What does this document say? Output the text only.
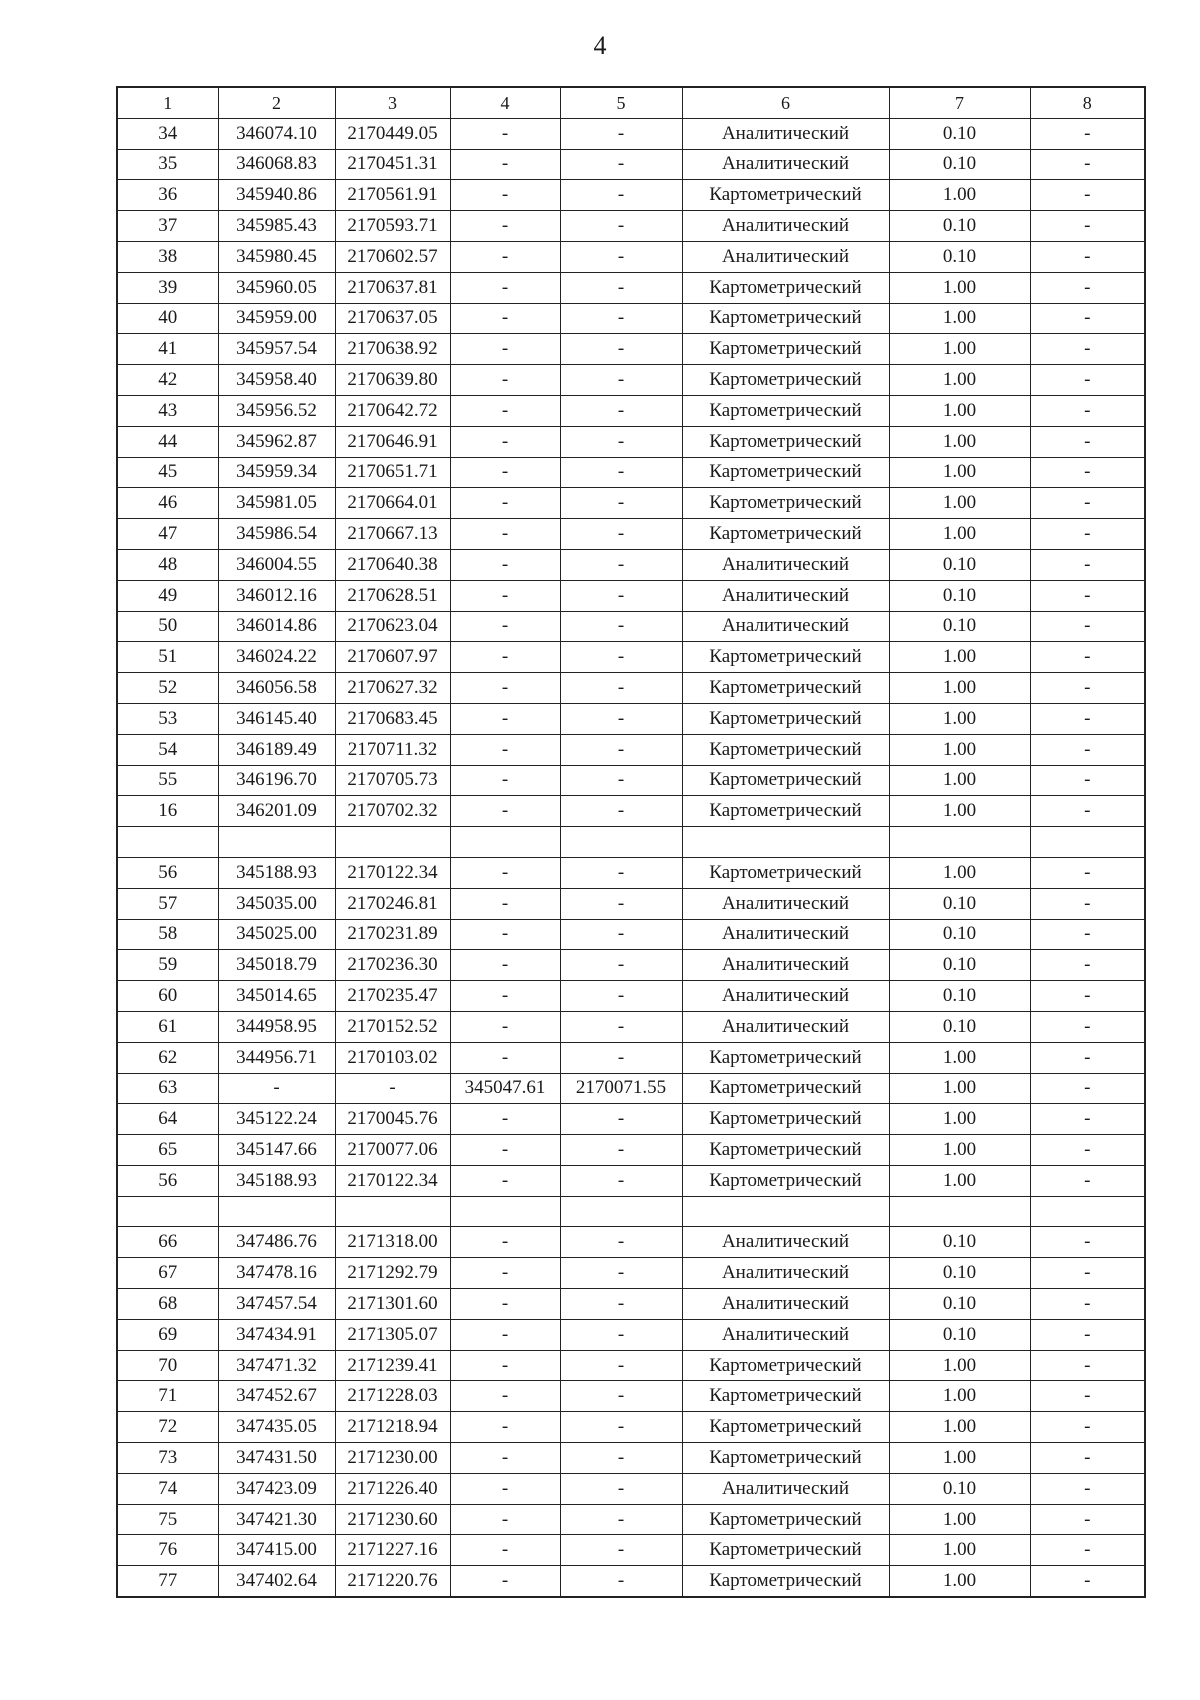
4
1	2	3	4	5	6	7	8
34	346074.10	2170449.05	-	-	Аналитический	0.10	-
35	346068.83	2170451.31	-	-	Аналитический	0.10	-
36	345940.86	2170561.91	-	-	Картометрический	1.00	-
37	345985.43	2170593.71	-	-	Аналитический	0.10	-
38	345980.45	2170602.57	-	-	Аналитический	0.10	-
39	345960.05	2170637.81	-	-	Картометрический	1.00	-
40	345959.00	2170637.05	-	-	Картометрический	1.00	-
41	345957.54	2170638.92	-	-	Картометрический	1.00	-
42	345958.40	2170639.80	-	-	Картометрический	1.00	-
43	345956.52	2170642.72	-	-	Картометрический	1.00	-
44	345962.87	2170646.91	-	-	Картометрический	1.00	-
45	345959.34	2170651.71	-	-	Картометрический	1.00	-
46	345981.05	2170664.01	-	-	Картометрический	1.00	-
47	345986.54	2170667.13	-	-	Картометрический	1.00	-
48	346004.55	2170640.38	-	-	Аналитический	0.10	-
49	346012.16	2170628.51	-	-	Аналитический	0.10	-
50	346014.86	2170623.04	-	-	Аналитический	0.10	-
51	346024.22	2170607.97	-	-	Картометрический	1.00	-
52	346056.58	2170627.32	-	-	Картометрический	1.00	-
53	346145.40	2170683.45	-	-	Картометрический	1.00	-
54	346189.49	2170711.32	-	-	Картометрический	1.00	-
55	346196.70	2170705.73	-	-	Картометрический	1.00	-
16	346201.09	2170702.32	-	-	Картометрический	1.00	-

56	345188.93	2170122.34	-	-	Картометрический	1.00	-
57	345035.00	2170246.81	-	-	Аналитический	0.10	-
58	345025.00	2170231.89	-	-	Аналитический	0.10	-
59	345018.79	2170236.30	-	-	Аналитический	0.10	-
60	345014.65	2170235.47	-	-	Аналитический	0.10	-
61	344958.95	2170152.52	-	-	Аналитический	0.10	-
62	344956.71	2170103.02	-	-	Картометрический	1.00	-
63	-	-	345047.61	2170071.55	Картометрический	1.00	-
64	345122.24	2170045.76	-	-	Картометрический	1.00	-
65	345147.66	2170077.06	-	-	Картометрический	1.00	-
56	345188.93	2170122.34	-	-	Картометрический	1.00	-

66	347486.76	2171318.00	-	-	Аналитический	0.10	-
67	347478.16	2171292.79	-	-	Аналитический	0.10	-
68	347457.54	2171301.60	-	-	Аналитический	0.10	-
69	347434.91	2171305.07	-	-	Аналитический	0.10	-
70	347471.32	2171239.41	-	-	Картометрический	1.00	-
71	347452.67	2171228.03	-	-	Картометрический	1.00	-
72	347435.05	2171218.94	-	-	Картометрический	1.00	-
73	347431.50	2171230.00	-	-	Картометрический	1.00	-
74	347423.09	2171226.40	-	-	Аналитический	0.10	-
75	347421.30	2171230.60	-	-	Картометрический	1.00	-
76	347415.00	2171227.16	-	-	Картометрический	1.00	-
77	347402.64	2171220.76	-	-	Картометрический	1.00	-
